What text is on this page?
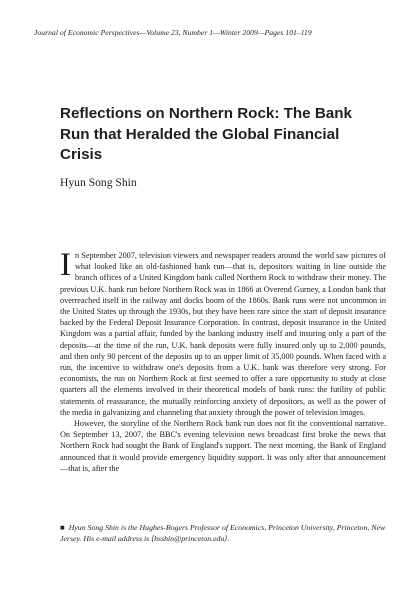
Journal of Economic Perspectives—Volume 23, Number 1—Winter 2009—Pages 101–119
Reflections on Northern Rock: The Bank Run that Heralded the Global Financial Crisis
Hyun Song Shin

In September 2007, television viewers and newspaper readers around the world saw pictures of what looked like an old-fashioned bank run—that is, depositors waiting in line outside the branch offices of a United Kingdom bank called Northern Rock to withdraw their money. The previous U.K. bank run before Northern Rock was in 1866 at Overend Gurney, a London bank that overreached itself in the railway and docks boom of the 1860s. Bank runs were not uncommon in the United States up through the 1930s, but they have been rare since the start of deposit insurance backed by the Federal Deposit Insurance Corporation. In contrast, deposit insurance in the United Kingdom was a partial affair, funded by the banking industry itself and insuring only a part of the deposits—at the time of the run, U.K. bank deposits were fully insured only up to 2,000 pounds, and then only 90 percent of the deposits up to an upper limit of 35,000 pounds. When faced with a run, the incentive to withdraw one's deposits from a U.K. bank was therefore very strong. For economists, the run on Northern Rock at first seemed to offer a rare opportunity to study at close quarters all the elements involved in their theoretical models of bank runs: the futility of public statements of reassurance, the mutually reinforcing anxiety of depositors, as well as the power of the media in galvanizing and channeling that anxiety through the power of television images.

However, the storyline of the Northern Rock bank run does not fit the conventional narrative. On September 13, 2007, the BBC's evening television news broadcast first broke the news that Northern Rock had sought the Bank of England's support. The next morning, the Bank of England announced that it would provide emergency liquidity support. It was only after that announcement—that is, after the

■ Hyun Song Shin is the Hughes-Rogers Professor of Economics, Princeton University, Princeton, New Jersey. His e-mail address is ⟨hsshin@princeton.edu⟩.
